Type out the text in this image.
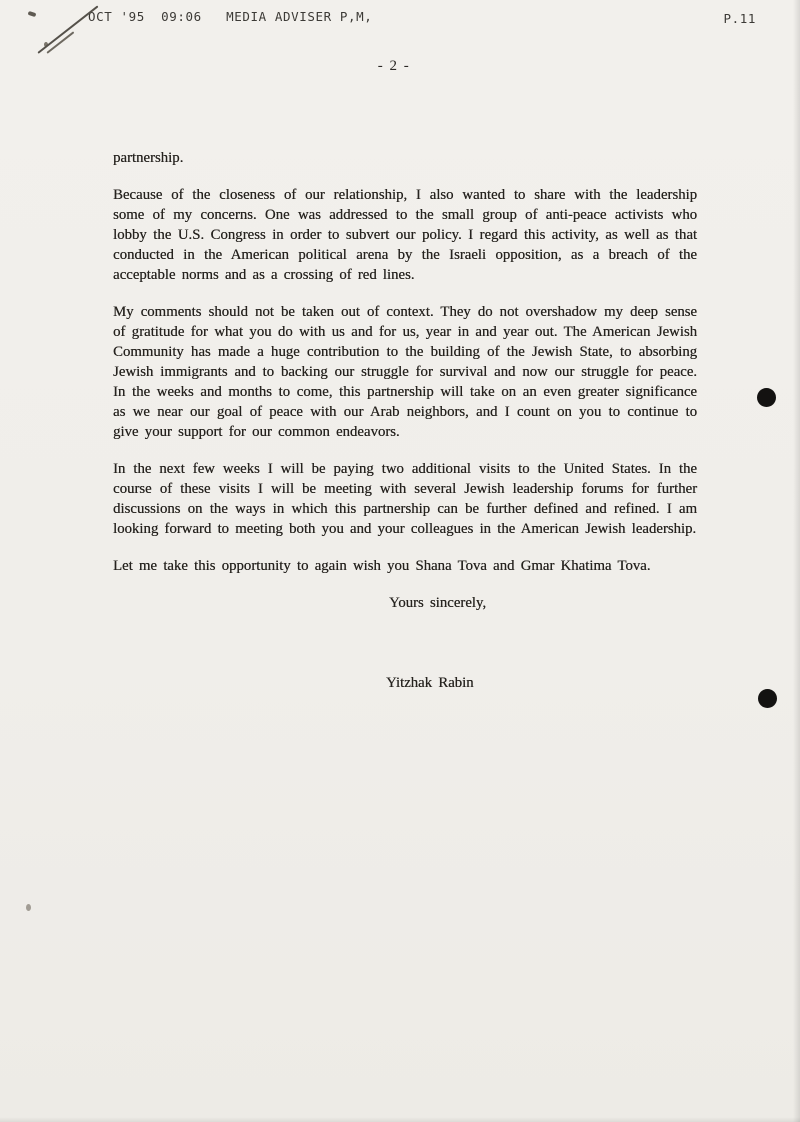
OCT '95  09:06   MEDIA ADVISER P,M,	P.11
- 2 -

partnership.

Because of the closeness of our relationship, I also wanted to share with the leadership some of my concerns. One was addressed to the small group of anti-peace activists who lobby the U.S. Congress in order to subvert our policy. I regard this activity, as well as that conducted in the American political arena by the Israeli opposition, as a breach of the acceptable norms and as a crossing of red lines.

My comments should not be taken out of context. They do not overshadow my deep sense of gratitude for what you do with us and for us, year in and year out. The American Jewish Community has made a huge contribution to the building of the Jewish State, to absorbing Jewish immigrants and to backing our struggle for survival and now our struggle for peace. In the weeks and months to come, this partnership will take on an even greater significance as we near our goal of peace with our Arab neighbors, and I count on you to continue to give your support for our common endeavors.

In the next few weeks I will be paying two additional visits to the United States. In the course of these visits I will be meeting with several Jewish leadership forums for further discussions on the ways in which this partnership can be further defined and refined. I am looking forward to meeting both you and your colleagues in the American Jewish leadership.

Let me take this opportunity to again wish you Shana Tova and Gmar Khatima Tova.

Yours sincerely,

Yitzhak Rabin
